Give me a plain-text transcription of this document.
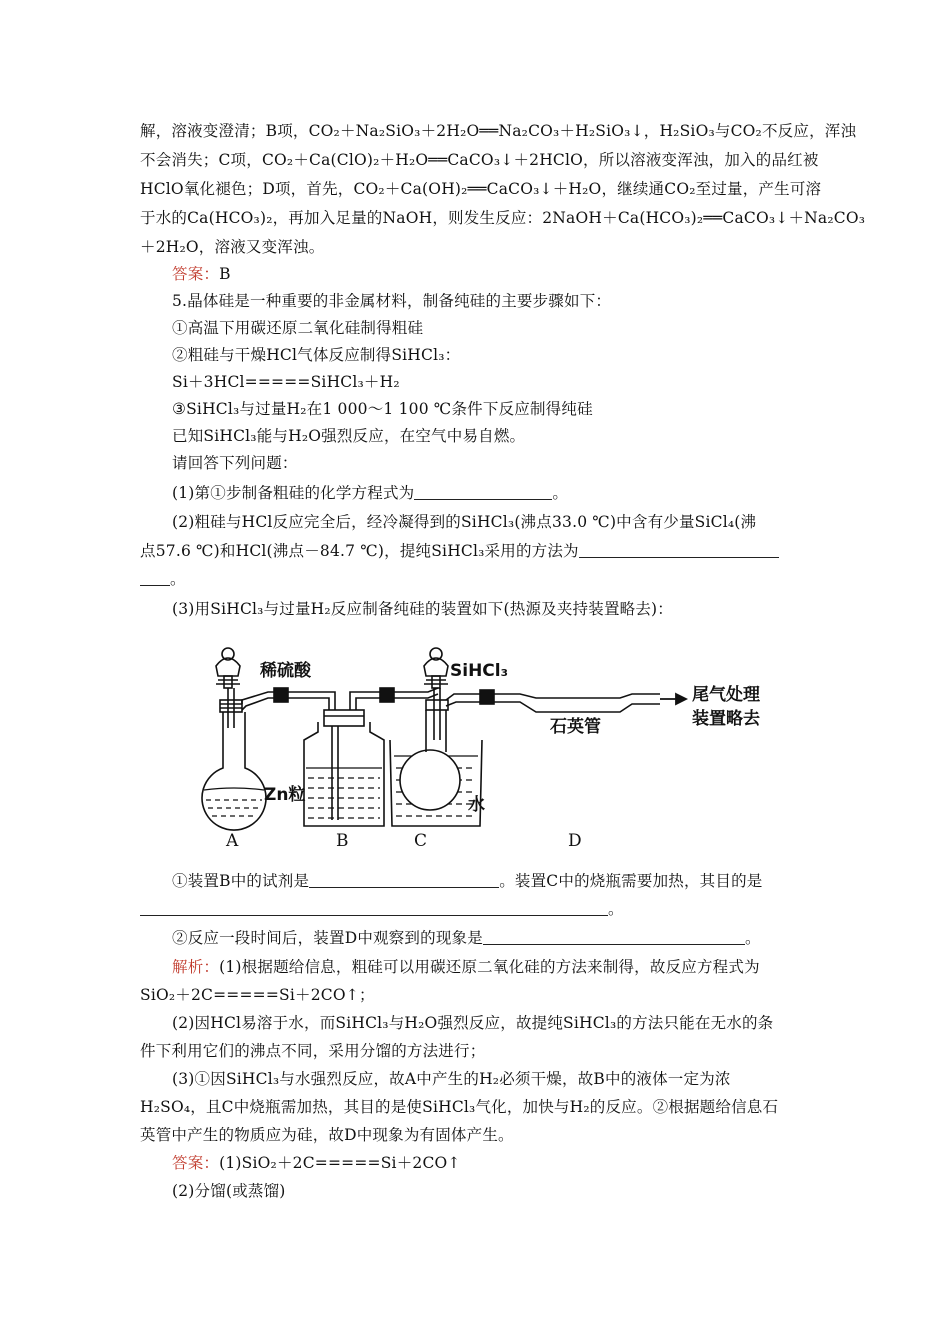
解，溶液变澄清；B项，CO₂＋Na₂SiO₃＋2H₂O══Na₂CO₃＋H₂SiO₃↓，H₂SiO₃与CO₂不反应，浑浊
不会消失；C项，CO₂＋Ca(ClO)₂＋H₂O══CaCO₃↓＋2HClO，所以溶液变浑浊，加入的品红被
HClO氧化褪色；D项，首先，CO₂＋Ca(OH)₂══CaCO₃↓＋H₂O，继续通CO₂至过量，产生可溶
于水的Ca(HCO₃)₂，再加入足量的NaOH，则发生反应：2NaOH＋Ca(HCO₃)₂══CaCO₃↓＋Na₂CO₃
＋2H₂O，溶液又变浑浊。
答案：B
5.晶体硅是一种重要的非金属材料，制备纯硅的主要步骤如下：
①高温下用碳还原二氧化硅制得粗硅
②粗硅与干燥HCl气体反应制得SiHCl₃：
Si＋3HCl=====SiHCl₃＋H₂
③SiHCl₃与过量H₂在1 000～1 100 ℃条件下反应制得纯硅
已知SiHCl₃能与H₂O强烈反应，在空气中易自燃。
请回答下列问题：
(1)第①步制备粗硅的化学方程式为	。
(2)粗硅与HCl反应完全后，经冷凝得到的SiHCl₃(沸点33.0 ℃)中含有少量SiCl₄(沸
点57.6 ℃)和HCl(沸点－84.7 ℃)，提纯SiHCl₃采用的方法为
。
(3)用SiHCl₃与过量H₂反应制备纯硅的装置如下(热源及夹持装置略去)：
稀硫酸	SiHCl₃
Zn粒	水
石英管
尾气处理
装置略去
A	B	C	D
①装置B中的试剂是	。装置C中的烧瓶需要加热，其目的是
。
②反应一段时间后，装置D中观察到的现象是	。
解析：(1)根据题给信息，粗硅可以用碳还原二氧化硅的方法来制得，故反应方程式为
SiO₂＋2C=====Si＋2CO↑；
(2)因HCl易溶于水，而SiHCl₃与H₂O强烈反应，故提纯SiHCl₃的方法只能在无水的条
件下利用它们的沸点不同，采用分馏的方法进行；
(3)①因SiHCl₃与水强烈反应，故A中产生的H₂必须干燥，故B中的液体一定为浓
H₂SO₄，且C中烧瓶需加热，其目的是使SiHCl₃气化，加快与H₂的反应。②根据题给信息石
英管中产生的物质应为硅，故D中现象为有固体产生。
答案：(1)SiO₂＋2C=====Si＋2CO↑
(2)分馏(或蒸馏)
